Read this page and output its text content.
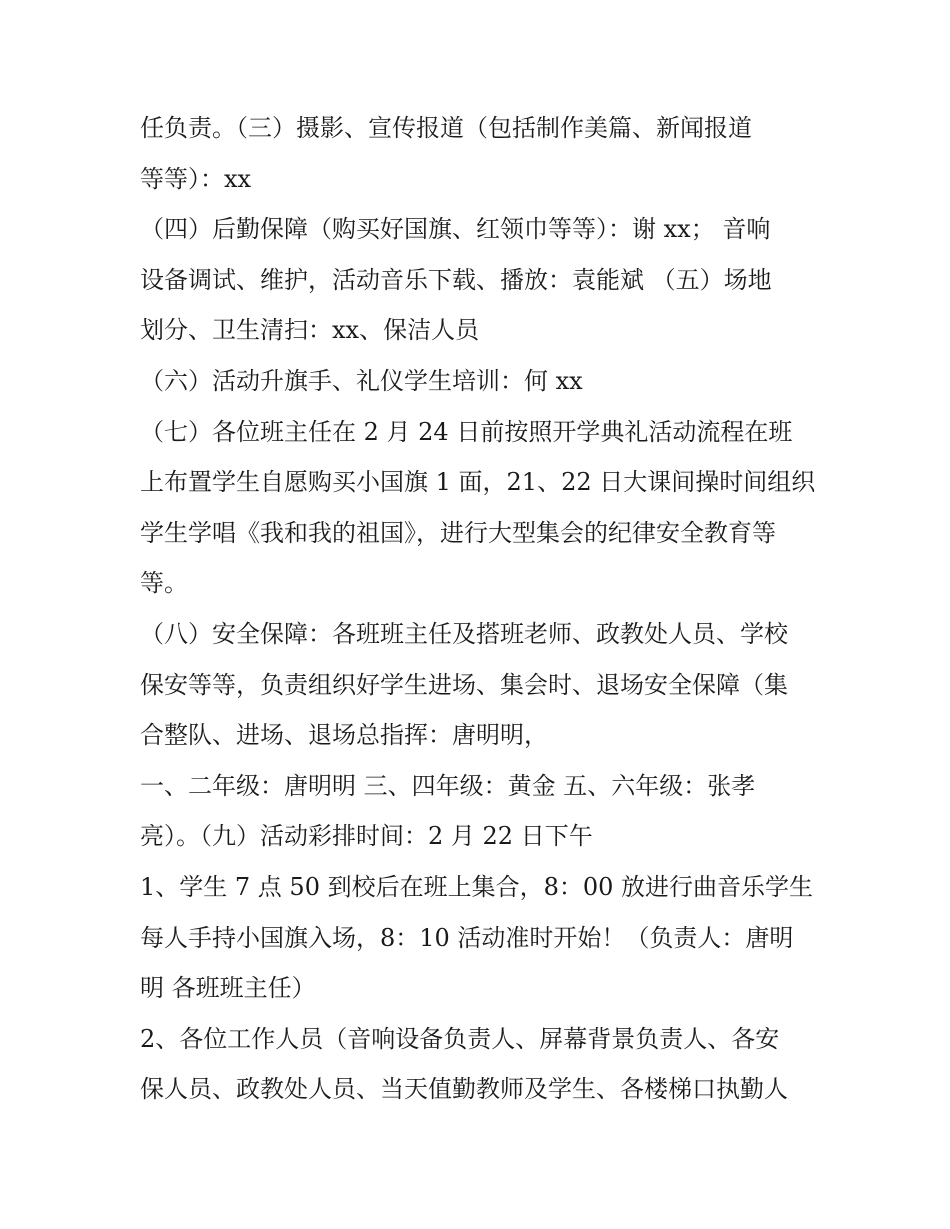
任负责。（三）摄影、宣传报道（包括制作美篇、新闻报道
等等）：xx
（四）后勤保障（购买好国旗、红领巾等等）：谢 xx； 音响
设备调试、维护，活动音乐下载、播放：袁能斌 （五）场地
划分、卫生清扫：xx、保洁人员
（六）活动升旗手、礼仪学生培训：何 xx
（七）各位班主任在 2 月 24 日前按照开学典礼活动流程在班
上布置学生自愿购买小国旗 1 面，21、22 日大课间操时间组织
学生学唱《我和我的祖国》，进行大型集会的纪律安全教育等
等。
（八）安全保障：各班班主任及搭班老师、政教处人员、学校
保安等等，负责组织好学生进场、集会时、退场安全保障（集
合整队、进场、退场总指挥：唐明明，
一、二年级：唐明明 三、四年级：黄金 五、六年级：张孝
亮）。（九）活动彩排时间：2 月 22 日下午
1、学生 7 点 50 到校后在班上集合，8：00 放进行曲音乐学生
每人手持小国旗入场，8：10 活动准时开始！（负责人：唐明
明 各班班主任）
2、各位工作人员（音响设备负责人、屏幕背景负责人、各安
保人员、政教处人员、当天值勤教师及学生、各楼梯口执勤人
